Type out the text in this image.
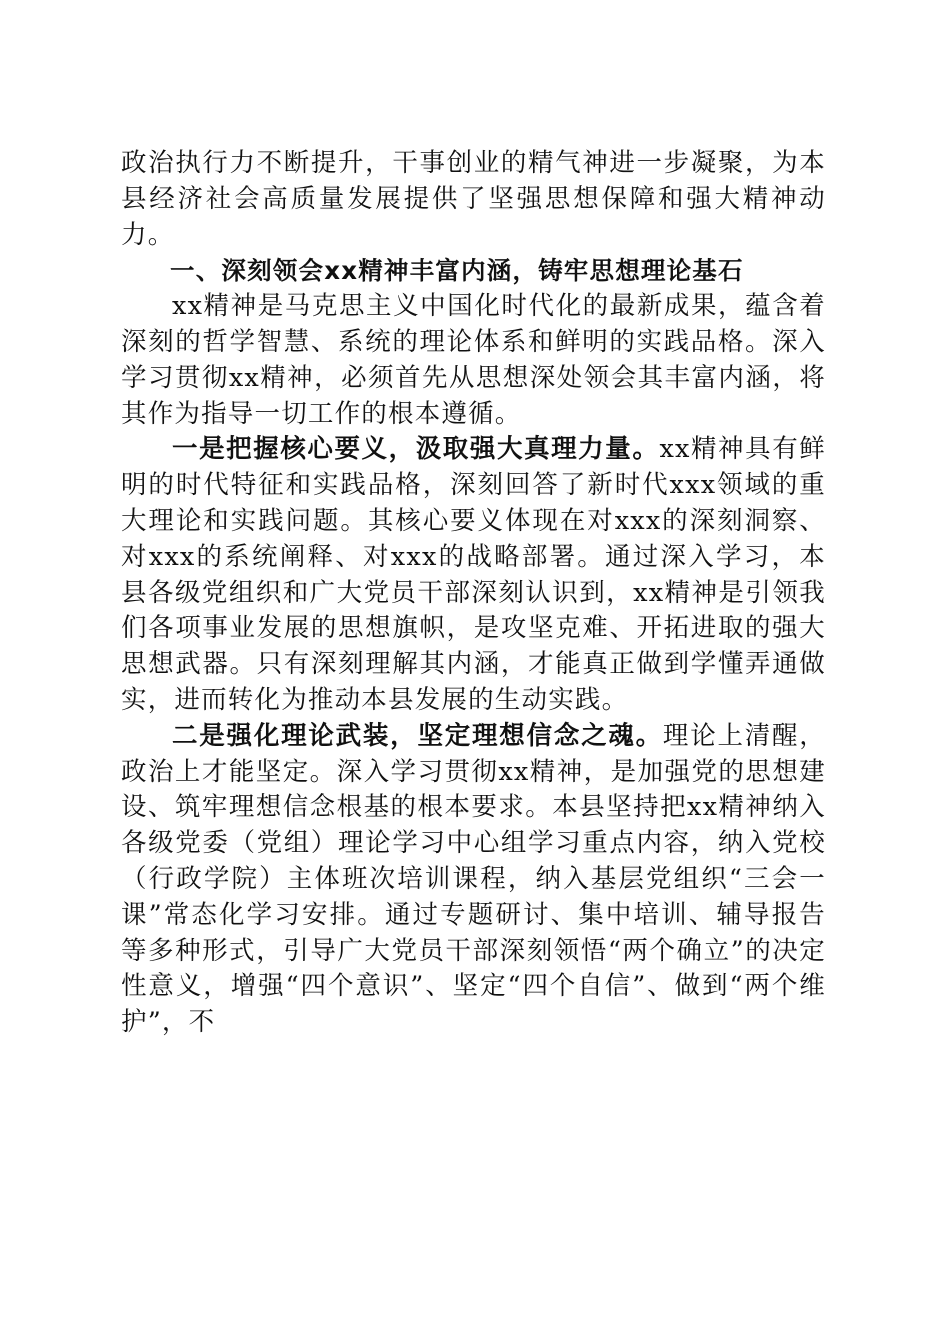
政治执行力不断提升，干事创业的精气神进一步凝聚，为本县经济社会高质量发展提供了坚强思想保障和强大精神动力。

一、深刻领会xx精神丰富内涵，铸牢思想理论基石

xx精神是马克思主义中国化时代化的最新成果，蕴含着深刻的哲学智慧、系统的理论体系和鲜明的实践品格。深入学习贯彻xx精神，必须首先从思想深处领会其丰富内涵，将其作为指导一切工作的根本遵循。

一是把握核心要义，汲取强大真理力量。xx精神具有鲜明的时代特征和实践品格，深刻回答了新时代xxx领域的重大理论和实践问题。其核心要义体现在对xxx的深刻洞察、对xxx的系统阐释、对xxx的战略部署。通过深入学习，本县各级党组织和广大党员干部深刻认识到，xx精神是引领我们各项事业发展的思想旗帜，是攻坚克难、开拓进取的强大思想武器。只有深刻理解其内涵，才能真正做到学懂弄通做实，进而转化为推动本县发展的生动实践。

二是强化理论武装，坚定理想信念之魂。理论上清醒，政治上才能坚定。深入学习贯彻xx精神，是加强党的思想建设、筑牢理想信念根基的根本要求。本县坚持把xx精神纳入各级党委（党组）理论学习中心组学习重点内容，纳入党校（行政学院）主体班次培训课程，纳入基层党组织“三会一课”常态化学习安排。通过专题研讨、集中培训、辅导报告等多种形式，引导广大党员干部深刻领悟“两个确立”的决定性意义，增强“四个意识”、坚定“四个自信”、做到“两个维护”，不
